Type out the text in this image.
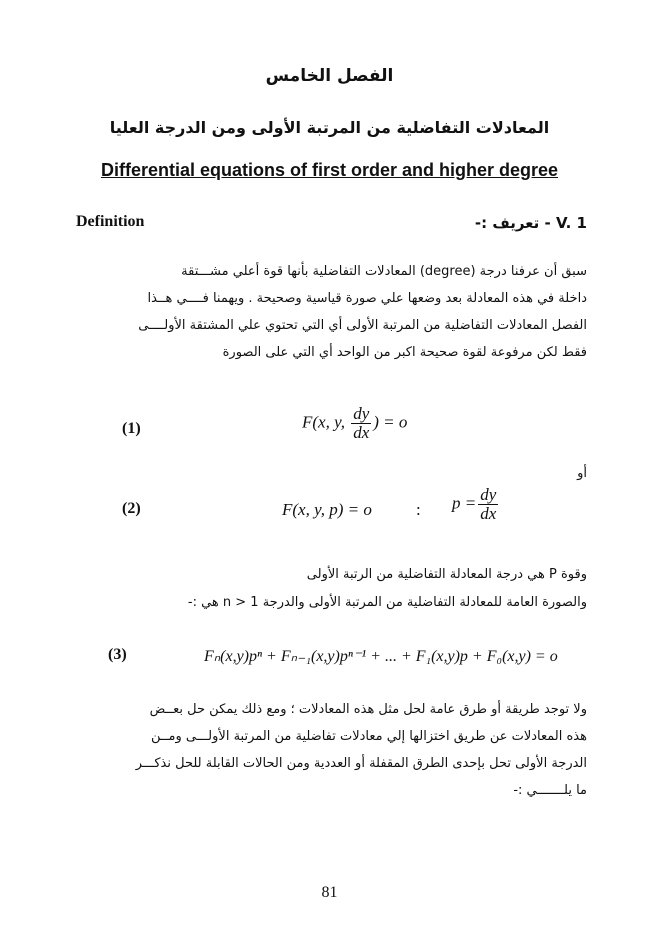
الفصل الخامس
المعادلات التفاضلية من المرتبة الأولى ومن الدرجة العليا
Differential equations of first order and higher degree
Definition	V. 1 - تعريف :-
سبق أن عرفنا درجة (degree) المعادلات التفاضلية بأنها قوة أعلي مشـــتقة
داخلة في هذه المعادلة بعد وضعها علي صورة قياسية وصحيحة . ويهمنا فــــي هــذا
الفصل المعادلات التفاضلية من المرتبة الأولى أي التي تحتوي علي المشتقة الأولــــى
فقط لكن مرفوعة لقوة صحيحة اكبر من الواحد أي التي على الصورة
(1)	F(x, y, $\frac{dy}{dx}$ ) = o
أو
(2)	F(x, y, p) = o	: $p = \frac{dy}{dx}$
وقوة P هي درجة المعادلة التفاضلية من الرتبة الأولى
والصورة العامة للمعادلة التفاضلية من المرتبة الأولى والدرجة n > 1 هي :-
(3)	Fₙ(x,y)pⁿ + Fₙ₋₁(x,y)pⁿ⁻¹ + ... + F₁(x,y)p + F₀(x,y) = o
ولا توجد طريقة أو طرق عامة لحل مثل هذه المعادلات ؛ ومع ذلك يمكن حل بعــض
هذه المعادلات عن طريق اختزالها إلي معادلات تفاضلية من المرتبة الأولـــى ومــن
الدرجة الأولى تحل بإحدى الطرق المقفلة أو العددية ومن الحالات القابلة للحل نذكـــر
ما يلـــــــي :-
81
